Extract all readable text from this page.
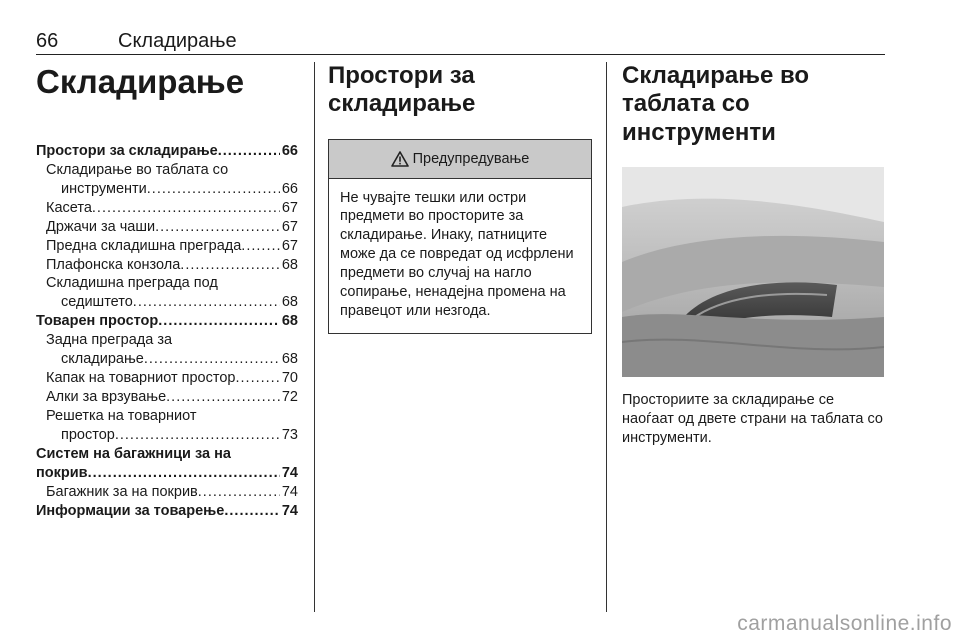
66	Складирање
Складирање
Простори за складирање .....	66
Складирање во таблата со
инструменти .....	66
Касета .....	67
Држачи за чаши .....	67
Предна складишна преграда .....	67
Плафонска конзола .....	68
Складишна преграда под
седиштето .....	68
Товарен простор .....	68
Задна преграда за
складирање .....	68
Капак на товарниот простор .....	70
Алки за врзување .....	72
Решетка на товарниот
простор .....	73
Систем на багажници за на
покрив .....	74
Багажник за на покрив .....	74
Информации за товарење .....	74
Простори за складирање
Предупредување
Не чувајте тешки или остри предмети во просторите за складирање. Инаку, патниците може да се повредат од исфрлени предмети во случај на нагло сопирање, ненадејна промена на правецот или незгода.
Складирање во таблата со инструменти
Просториите за складирање се наоѓаат од двете страни на таблата со инструменти.
carmanualsonline.info
